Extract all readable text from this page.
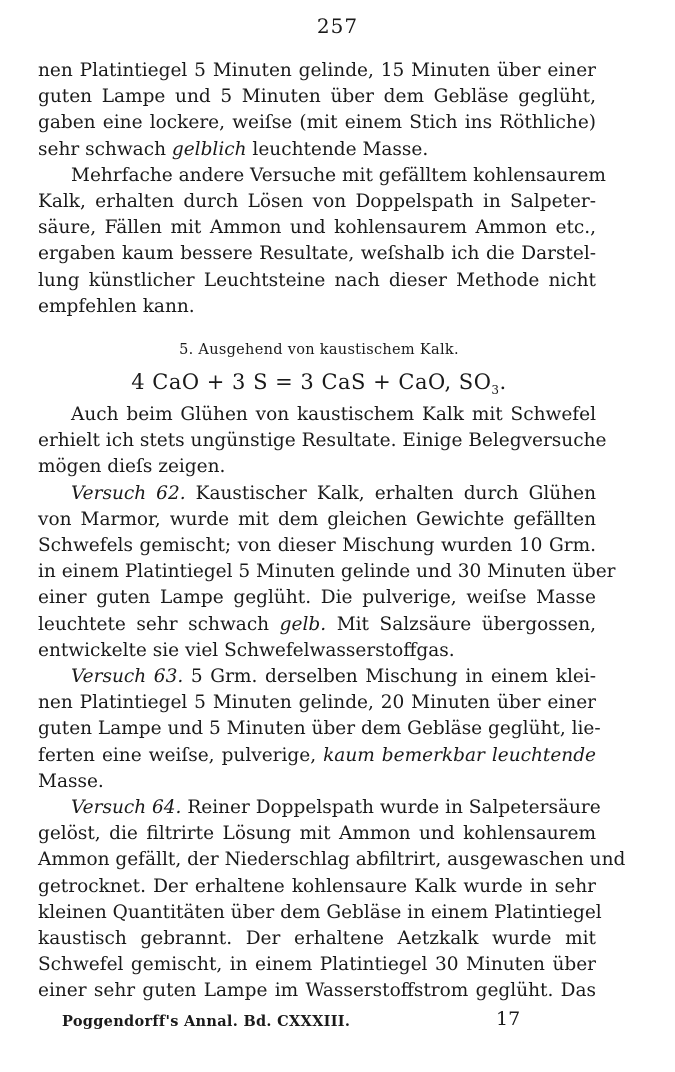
257
nen Platintiegel 5 Minuten gelinde, 15 Minuten über einer
guten Lampe und 5 Minuten über dem Gebläse geglüht,
gaben eine lockere, weiſse (mit einem Stich ins Röthliche)
sehr schwach gelblich leuchtende Masse.
Mehrfache andere Versuche mit gefälltem kohlensaurem
Kalk, erhalten durch Lösen von Doppelspath in Salpeter-
säure, Fällen mit Ammon und kohlensaurem Ammon etc.,
ergaben kaum bessere Resultate, weſshalb ich die Darstel-
lung künstlicher Leuchtsteine nach dieser Methode nicht
empfehlen kann.
5. Ausgehend von kaustischem Kalk.
4 CaO + 3 S = 3 CaS + CaO, $SO_3$.
Auch beim Glühen von kaustischem Kalk mit Schwefel
erhielt ich stets ungünstige Resultate. Einige Belegversuche
mögen dieſs zeigen.
Versuch 62. Kaustischer Kalk, erhalten durch Glühen
von Marmor, wurde mit dem gleichen Gewichte gefällten
Schwefels gemischt; von dieser Mischung wurden 10 Grm.
in einem Platintiegel 5 Minuten gelinde und 30 Minuten über
einer guten Lampe geglüht. Die pulverige, weiſse Masse
leuchtete sehr schwach gelb. Mit Salzsäure übergossen,
entwickelte sie viel Schwefelwasserstoffgas.
Versuch 63. 5 Grm. derselben Mischung in einem klei-
nen Platintiegel 5 Minuten gelinde, 20 Minuten über einer
guten Lampe und 5 Minuten über dem Gebläse geglüht, lie-
ferten eine weiſse, pulverige, kaum bemerkbar leuchtende
Masse.
Versuch 64. Reiner Doppelspath wurde in Salpetersäure
gelöst, die filtrirte Lösung mit Ammon und kohlensaurem
Ammon gefällt, der Niederschlag abfiltrirt, ausgewaschen und
getrocknet. Der erhaltene kohlensaure Kalk wurde in sehr
kleinen Quantitäten über dem Gebläse in einem Platintiegel
kaustisch gebrannt. Der erhaltene Aetzkalk wurde mit
Schwefel gemischt, in einem Platintiegel 30 Minuten über
einer sehr guten Lampe im Wasserstoffstrom geglüht. Das
Poggendorff's Annal. Bd. CXXXIII.	17
